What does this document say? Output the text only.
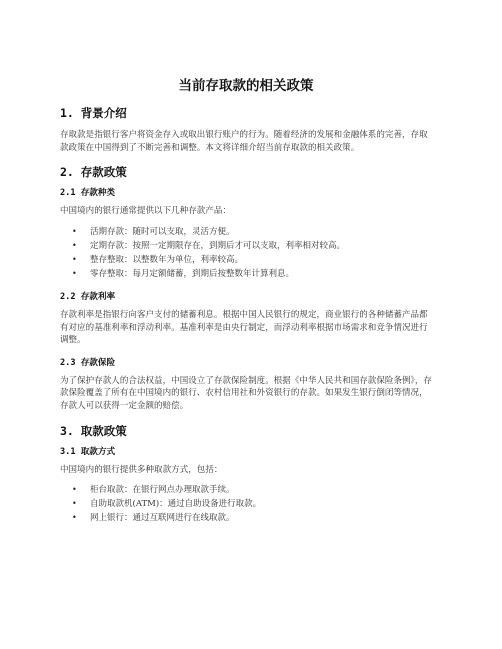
当前存取款的相关政策
1. 背景介绍

存取款是指银行客户将资金存入或取出银行账户的行为。随着经济的发展和金融体系的完善，存取款政策在中国得到了不断完善和调整。本文将详细介绍当前存取款的相关政策。

2. 存款政策
2.1 存款种类

中国境内的银行通常提供以下几种存款产品：

• 活期存款：随时可以支取，灵活方便。
• 定期存款：按照一定期限存在，到期后才可以支取，利率相对较高。
• 整存整取：以整数年为单位，利率较高。
• 零存整取：每月定额储蓄，到期后按整数年计算利息。
2.2 存款利率

存款利率是指银行向客户支付的储蓄利息。根据中国人民银行的规定，商业银行的各种储蓄产品都有对应的基准利率和浮动利率。基准利率是由央行制定，而浮动利率根据市场需求和竞争情况进行调整。

2.3 存款保险

为了保护存款人的合法权益，中国设立了存款保险制度。根据《中华人民共和国存款保险条例》，存款保险覆盖了所有在中国境内的银行、农村信用社和外资银行的存款。如果发生银行倒闭等情况，存款人可以获得一定金额的赔偿。

3. 取款政策
3.1 取款方式

中国境内的银行提供多种取款方式，包括：

• 柜台取款：在银行网点办理取款手续。
• 自助取款机(ATM)：通过自助设备进行取款。
• 网上银行：通过互联网进行在线取款。
